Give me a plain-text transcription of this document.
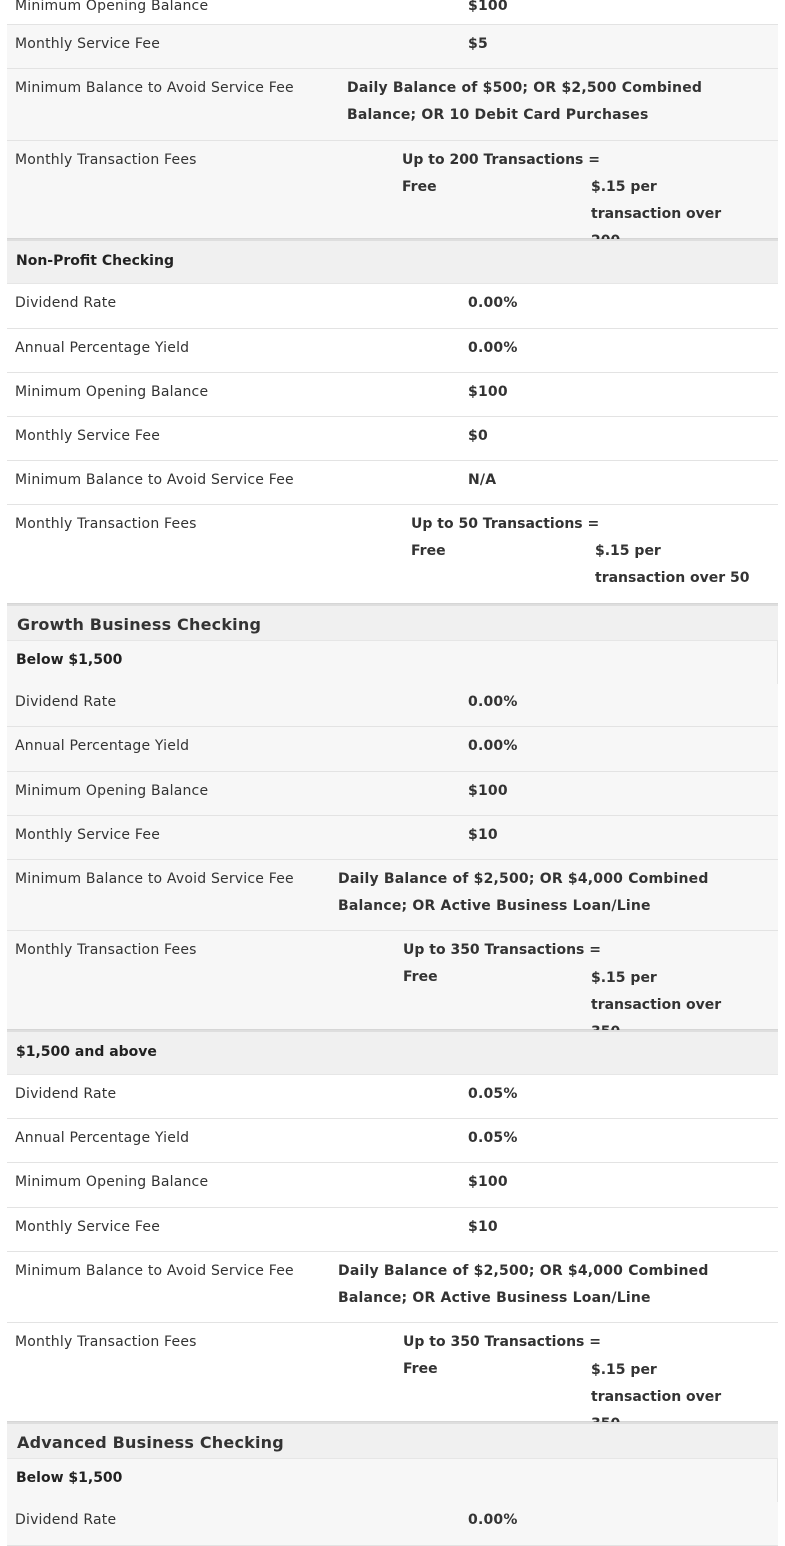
Minimum Opening Balance	$100
Monthly Service Fee	$5
Minimum Balance to Avoid Service Fee	Daily Balance of $500; OR $2,500 Combined Balance; OR 10 Debit Card Purchases
Monthly Transaction Fees	Up to 200 Transactions = Free	$.15 per transaction over
Non-Profit Checking
Dividend Rate	0.00%
Annual Percentage Yield	0.00%
Minimum Opening Balance	$100
Monthly Service Fee	$0
Minimum Balance to Avoid Service Fee	N/A
Monthly Transaction Fees	Up to 50 Transactions = Free	$.15 per transaction over 50
Growth Business Checking
Below $1,500
Dividend Rate	0.00%
Annual Percentage Yield	0.00%
Minimum Opening Balance	$100
Monthly Service Fee	$10
Minimum Balance to Avoid Service Fee	Daily Balance of $2,500; OR $4,000 Combined Balance; OR Active Business Loan/Line
Monthly Transaction Fees	Up to 350 Transactions = Free	$.15 per transaction over
$1,500 and above
Dividend Rate	0.05%
Annual Percentage Yield	0.05%
Minimum Opening Balance	$100
Monthly Service Fee	$10
Minimum Balance to Avoid Service Fee	Daily Balance of $2,500; OR $4,000 Combined Balance; OR Active Business Loan/Line
Monthly Transaction Fees	Up to 350 Transactions = Free	$.15 per transaction over
Advanced Business Checking
Below $1,500
Dividend Rate	0.00%
